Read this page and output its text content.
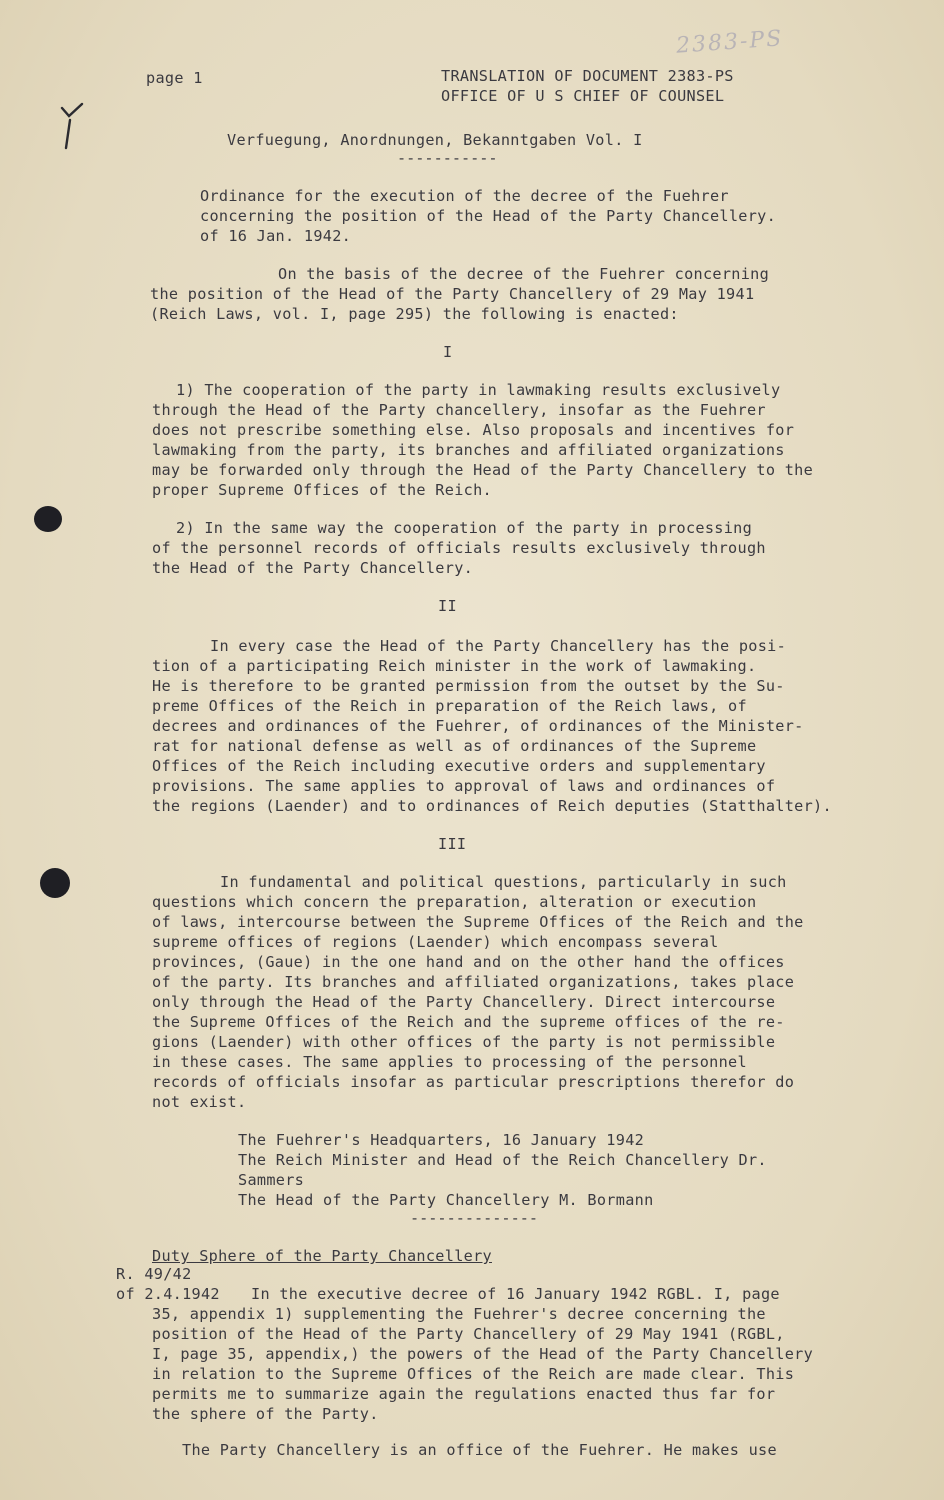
2383-PS
page 1	TRANSLATION OF DOCUMENT 2383-PS
OFFICE OF U S CHIEF OF COUNSEL
Verfuegung, Anordnungen, Bekanntgaben Vol. I
-----------
Ordinance for the execution of the decree of the Fuehrer
concerning the position of the Head of the Party Chancellery.
of 16 Jan. 1942.
On the basis of the decree of the Fuehrer concerning
the position of the Head of the Party Chancellery of 29 May 1941
(Reich Laws, vol. I, page 295) the following is enacted:
I
1) The cooperation of the party in lawmaking results exclusively
through the Head of the Party chancellery, insofar as the Fuehrer
does not prescribe something else. Also proposals and incentives for
lawmaking from the party, its branches and affiliated organizations
may be forwarded only through the Head of the Party Chancellery to the
proper Supreme Offices of the Reich.
2) In the same way the cooperation of the party in processing
of the personnel records of officials results exclusively through
the Head of the Party Chancellery.
II
In every case the Head of the Party Chancellery has the posi-
tion of a participating Reich minister in the work of lawmaking.
He is therefore to be granted permission from the outset by the Su-
preme Offices of the Reich in preparation of the Reich laws, of
decrees and ordinances of the Fuehrer, of ordinances of the Minister-
rat for national defense as well as of ordinances of the Supreme
Offices of the Reich including executive orders and supplementary
provisions. The same applies to approval of laws and ordinances of
the regions (Laender) and to ordinances of Reich deputies (Statthalter).
III
In fundamental and political questions, particularly in such
questions which concern the preparation, alteration or execution
of laws, intercourse between the Supreme Offices of the Reich and the
supreme offices of regions (Laender) which encompass several
provinces, (Gaue) in the one hand and on the other hand the offices
of the party. Its branches and affiliated organizations, takes place
only through the Head of the Party Chancellery. Direct intercourse
the Supreme Offices of the Reich and the supreme offices of the re-
gions (Laender) with other offices of the party is not permissible
in these cases. The same applies to processing of the personnel
records of officials insofar as particular prescriptions therefor do
not exist.
The Fuehrer's Headquarters, 16 January 1942
The Reich Minister and Head of the Reich Chancellery Dr.
Sammers
The Head of the Party Chancellery M. Bormann
--------------
Duty Sphere of the Party Chancellery
R. 49/42
of 2.4.1942 In the executive decree of 16 January 1942 RGBL. I, page
35, appendix 1) supplementing the Fuehrer's decree concerning the
position of the Head of the Party Chancellery of 29 May 1941 (RGBL,
I, page 35, appendix,) the powers of the Head of the Party Chancellery
in relation to the Supreme Offices of the Reich are made clear. This
permits me to summarize again the regulations enacted thus far for
the sphere of the Party.
The Party Chancellery is an office of the Fuehrer. He makes use
